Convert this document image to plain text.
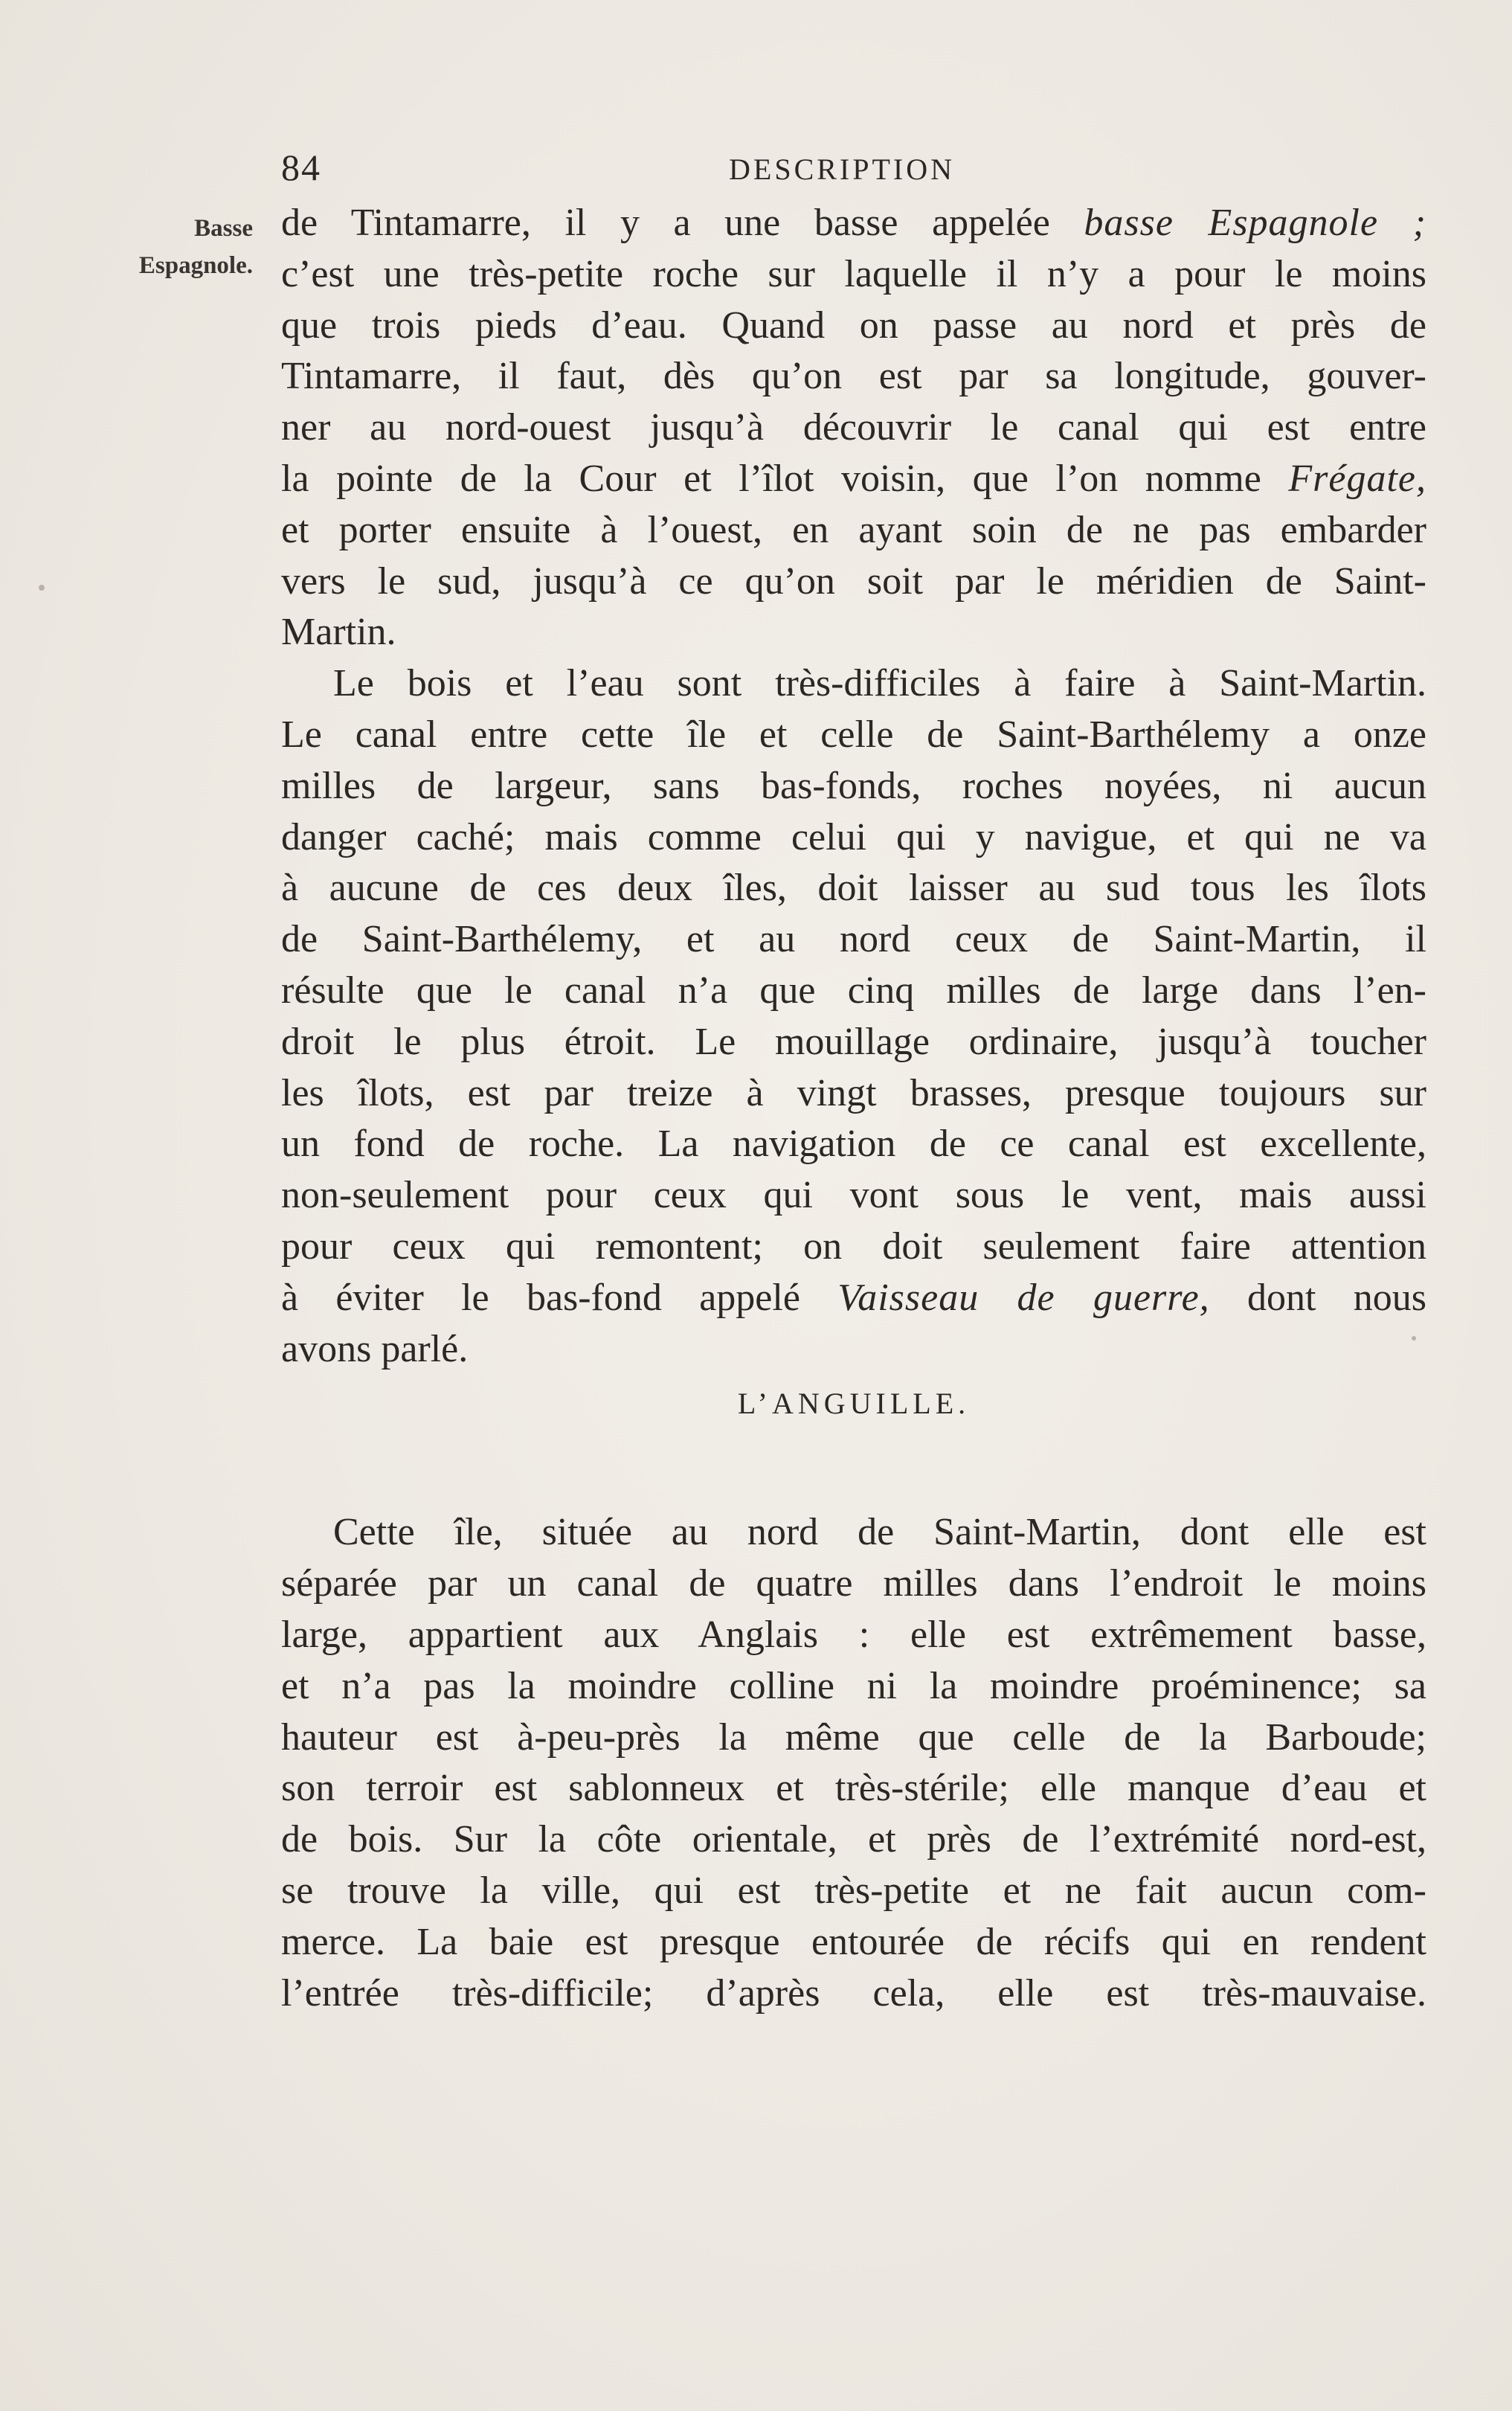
84	DESCRIPTION
Basse
Espagnole.

de Tintamarre, il y a une basse appelée basse Espagnole ;
c’est une très-petite roche sur laquelle il n’y a pour le moins
que trois pieds d’eau. Quand on passe au nord et près de
Tintamarre, il faut, dès qu’on est par sa longitude, gouver-
ner au nord-ouest jusqu’à découvrir le canal qui est entre
la pointe de la Cour et l’îlot voisin, que l’on nomme Frégate,
et porter ensuite à l’ouest, en ayant soin de ne pas embarder
vers le sud, jusqu’à ce qu’on soit par le méridien de Saint-
Martin.

Le bois et l’eau sont très-difficiles à faire à Saint-Martin.
Le canal entre cette île et celle de Saint-Barthélemy a onze
milles de largeur, sans bas-fonds, roches noyées, ni aucun
danger caché; mais comme celui qui y navigue, et qui ne va
à aucune de ces deux îles, doit laisser au sud tous les îlots
de Saint-Barthélemy, et au nord ceux de Saint-Martin, il
résulte que le canal n’a que cinq milles de large dans l’en-
droit le plus étroit. Le mouillage ordinaire, jusqu’à toucher
les îlots, est par treize à vingt brasses, presque toujours sur
un fond de roche. La navigation de ce canal est excellente,
non-seulement pour ceux qui vont sous le vent, mais aussi
pour ceux qui remontent; on doit seulement faire attention
à éviter le bas-fond appelé Vaisseau de guerre, dont nous
avons parlé.

L’ANGUILLE.

Cette île, située au nord de Saint-Martin, dont elle est
séparée par un canal de quatre milles dans l’endroit le moins
large, appartient aux Anglais : elle est extrêmement basse,
et n’a pas la moindre colline ni la moindre proéminence; sa
hauteur est à-peu-près la même que celle de la Barboude;
son terroir est sablonneux et très-stérile; elle manque d’eau et
de bois. Sur la côte orientale, et près de l’extrémité nord-est,
se trouve la ville, qui est très-petite et ne fait aucun com-
merce. La baie est presque entourée de récifs qui en rendent
l’entrée très-difficile; d’après cela, elle est très-mauvaise.
